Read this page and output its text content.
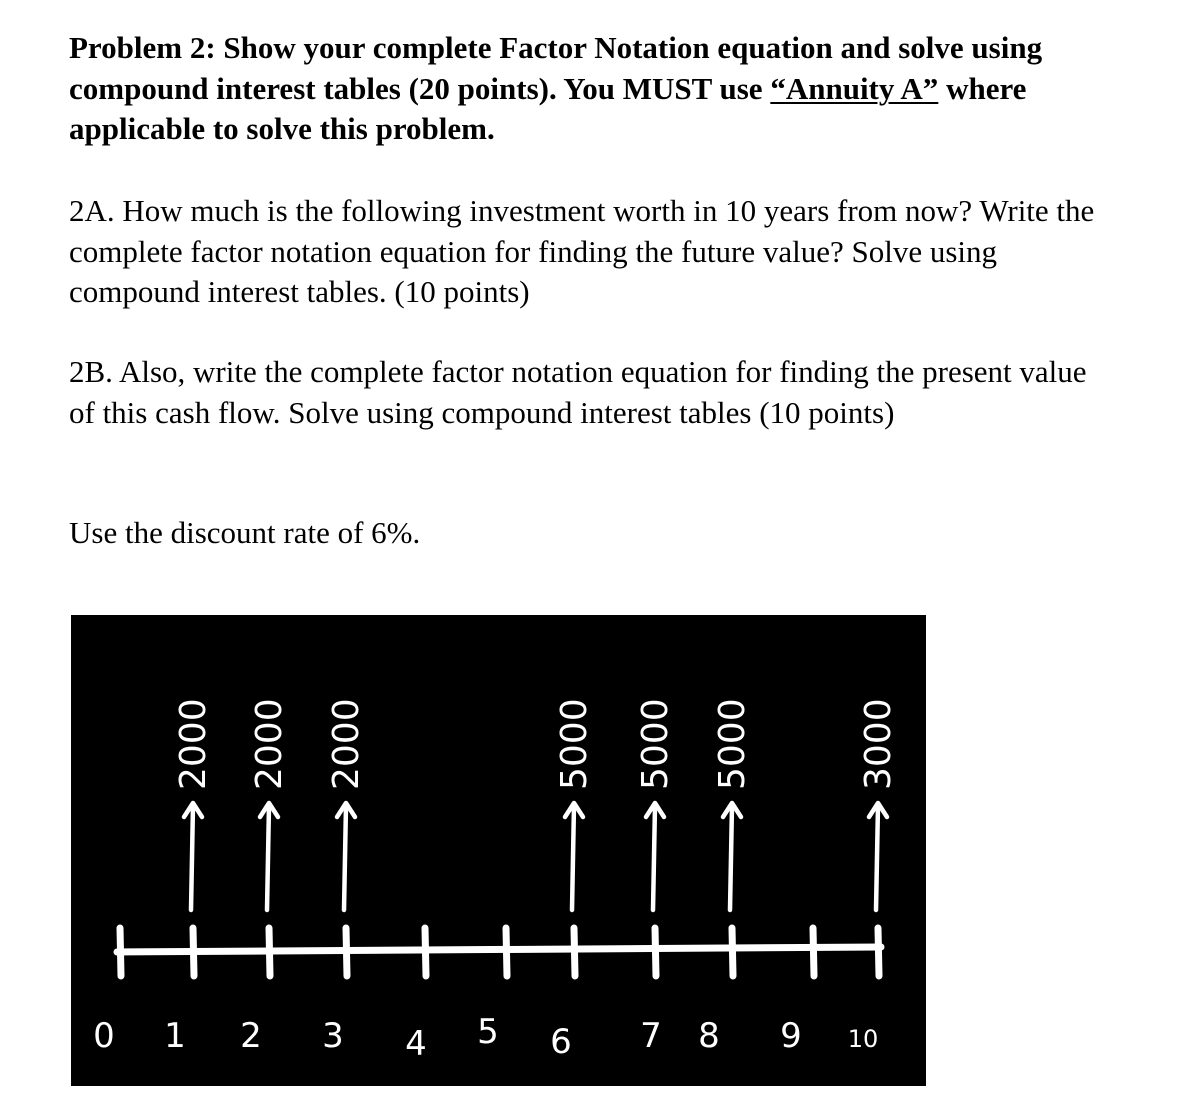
Problem 2: Show your complete Factor Notation equation and solve using compound interest tables (20 points). You MUST use “Annuity A” where applicable to solve this problem.

2A. How much is the following investment worth in 10 years from now? Write the complete factor notation equation for finding the future value? Solve using compound interest tables. (10 points)

2B. Also, write the complete factor notation equation for finding the present value of this cash flow. Solve using compound interest tables (10 points)

Use the discount rate of 6%.

0 1 2 3 4 5 6 7 8 9 10
2000 2000 2000	5000 5000 5000	3000
